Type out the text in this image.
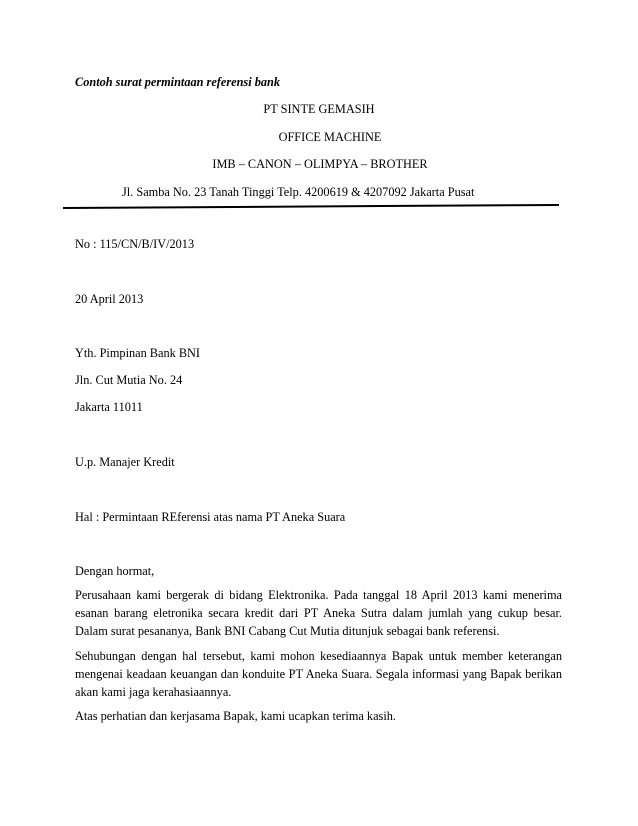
Contoh surat permintaan referensi bank
PT SINTE GEMASIH
OFFICE MACHINE
IMB – CANON – OLIMPYA – BROTHER
Jl. Samba No. 23 Tanah Tinggi Telp. 4200619 & 4207092 Jakarta Pusat
No : 115/CN/B/IV/2013
20 April 2013
Yth. Pimpinan Bank BNI
Jln. Cut Mutia No. 24
Jakarta 11011
U.p. Manajer Kredit
Hal : Permintaan REferensi atas nama PT Aneka Suara
Dengan hormat,
Perusahaan kami bergerak di bidang Elektronika. Pada tanggal 18 April 2013 kami menerima esanan barang eletronika secara kredit dari PT Aneka Sutra dalam jumlah yang cukup besar. Dalam surat pesananya, Bank BNI Cabang Cut Mutia ditunjuk sebagai bank referensi.
Sehubungan dengan hal tersebut, kami mohon kesediaannya Bapak untuk member keterangan mengenai keadaan keuangan dan konduite PT Aneka Suara. Segala informasi yang Bapak berikan akan kami jaga kerahasiaannya.
Atas perhatian dan kerjasama Bapak, kami ucapkan terima kasih.
